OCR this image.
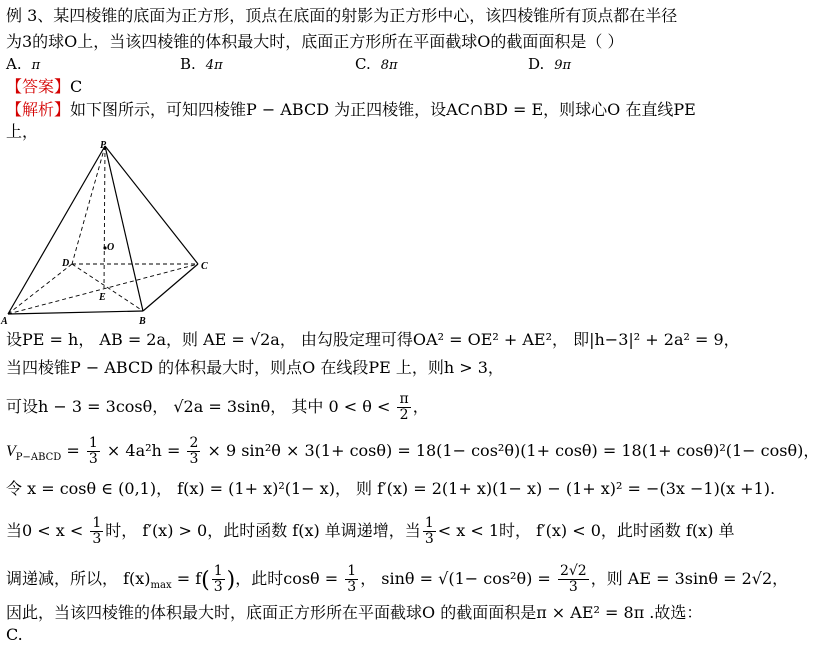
例 3、某四棱锥的底面为正方形，顶点在底面的射影为正方形中心，该四棱锥所有顶点都在半径
为3的球O上，当该四棱锥的体积最大时，底面正方形所在平面截球O的截面面积是（ ）
A. π	B. 4π	C. 8π	D. 9π
【答案】C
【解析】如下图所示，可知四棱锥P − ABCD 为正四棱锥，设AC∩BD = E，则球心O 在直线PE
上，
P
O
D	C
E
A	B
设PE = h， AB = 2a，则 AE = √2a， 由勾股定理可得OA² = OE² + AE²， 即|h−3|² + 2a² = 9，
当四棱锥P − ABCD 的体积最大时，则点O 在线段PE 上，则h > 3，
可设h − 3 = 3cosθ， √2a = 3sinθ， 其中 $0 < \theta < \frac{\pi}{2}$ ，
$V_{P-ABCD} = \frac{1}{3} \times 4a^2h = \frac{2}{3} \times 9$ sin²θ × 3(1+ cosθ) = 18(1− cos²θ)(1+ cosθ) = 18(1+ cosθ)²(1− cosθ)，
令 x = cosθ ∈ (0,1)， f(x) = (1+ x)²(1− x)， 则 f′(x) = 2(1+ x)(1− x) − (1+ x)² = −(3x −1)(x +1).
当$0 < x < \frac{1}{3}$ 时， f′(x) > 0，此时函数 f(x) 单调递增，当 $\frac{1}{3} < x < 1$时， f′(x) < 0，此时函数 f(x) 单
调递减，所以， $f(x)_{max} = f( \frac{1}{3}$ )，此时$\cos\theta = \frac{1}{3}$ ， $\sin\theta = √(1- \cos^2\theta) = \frac{2√2}{3}$ ，则 AE = 3sinθ = 2√2，
因此，当该四棱锥的体积最大时，底面正方形所在平面截球O 的截面面积是π × AE² = 8π .故选：
C.
